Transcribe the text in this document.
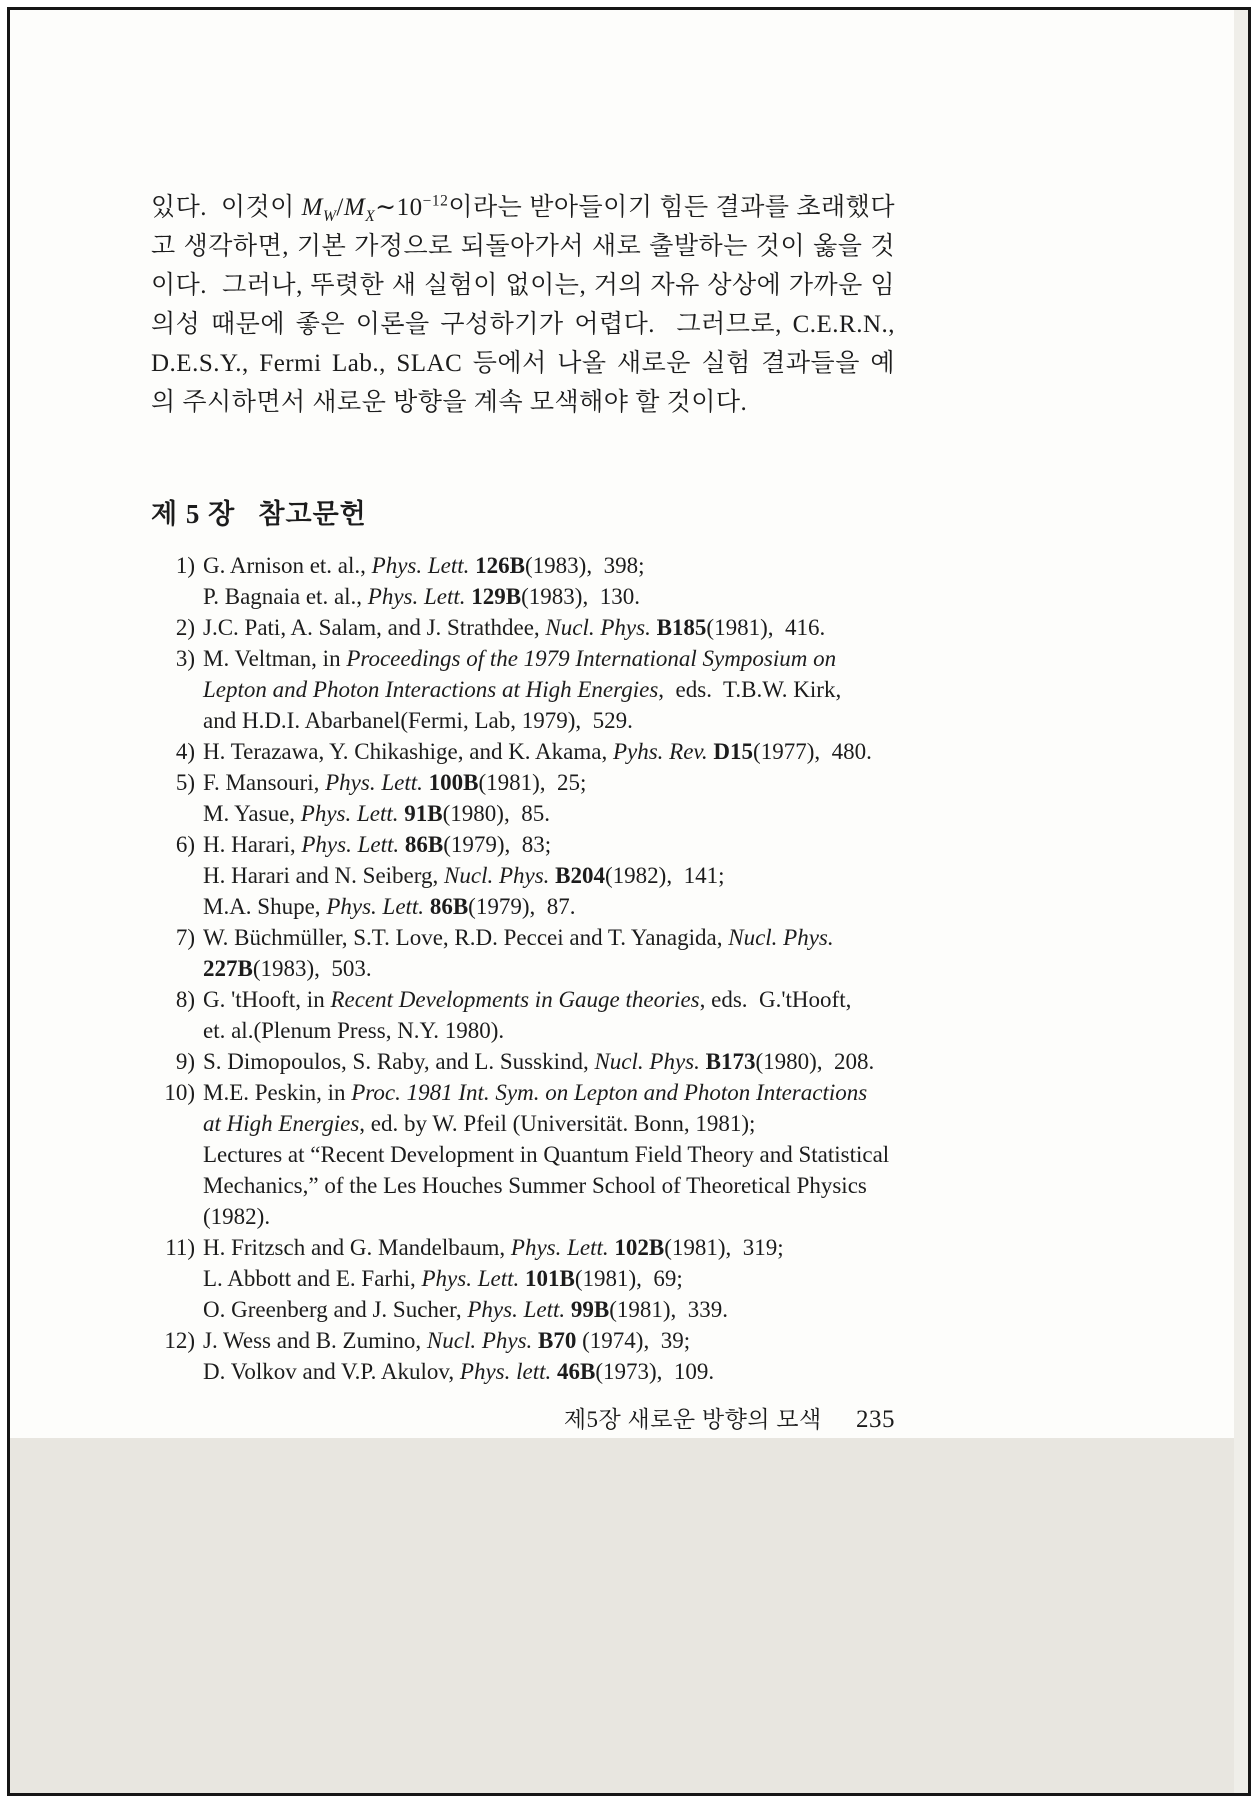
있다.  이것이 $M_W/M_X\sim 10^{-12}$이라는 받아들이기 힘든 결과를 초래했다
고 생각하면, 기본 가정으로 되돌아가서 새로 출발하는 것이 옳을 것
이다.  그러나, 뚜렷한 새 실험이 없이는, 거의 자유 상상에 가까운 임
의성 때문에 좋은 이론을 구성하기가 어렵다.  그러므로, C.E.R.N.,
D.E.S.Y., Fermi Lab., SLAC 등에서 나올 새로운 실험 결과들을 예
의 주시하면서 새로운 방향을 계속 모색해야 할 것이다.
제 5 장   참고문헌
1) G. Arnison et. al., Phys. Lett. 126B(1983),  398;
P. Bagnaia et. al., Phys. Lett. 129B(1983),  130.
2) J.C. Pati, A. Salam, and J. Strathdee, Nucl. Phys. B185(1981),  416.
3) M. Veltman, in Proceedings of the 1979 International Symposium on
Lepton and Photon Interactions at High Energies,  eds.  T.B.W. Kirk,
and H.D.I. Abarbanel(Fermi, Lab, 1979),  529.
4) H. Terazawa, Y. Chikashige, and K. Akama, Pyhs. Rev. D15(1977),  480.
5) F. Mansouri, Phys. Lett. 100B(1981),  25;
M. Yasue, Phys. Lett. 91B(1980),  85.
6) H. Harari, Phys. Lett. 86B(1979),  83;
H. Harari and N. Seiberg, Nucl. Phys. B204(1982),  141;
M.A. Shupe, Phys. Lett. 86B(1979),  87.
7) W. Büchmüller, S.T. Love, R.D. Peccei and T. Yanagida, Nucl. Phys.
227B(1983),  503.
8) G. 'tHooft, in Recent Developments in Gauge theories, eds.  G.'tHooft,
et. al.(Plenum Press, N.Y. 1980).
9) S. Dimopoulos, S. Raby, and L. Susskind, Nucl. Phys. B173(1980),  208.
10) M.E. Peskin, in Proc. 1981 Int. Sym. on Lepton and Photon Interactions
at High Energies, ed. by W. Pfeil (Universität. Bonn, 1981);
Lectures at “Recent Development in Quantum Field Theory and Statistical
Mechanics,” of the Les Houches Summer School of Theoretical Physics
(1982).
11) H. Fritzsch and G. Mandelbaum, Phys. Lett. 102B(1981),  319;
L. Abbott and E. Farhi, Phys. Lett. 101B(1981),  69;
O. Greenberg and J. Sucher, Phys. Lett. 99B(1981),  339.
12) J. Wess and B. Zumino, Nucl. Phys. B70 (1974),  39;
D. Volkov and V.P. Akulov, Phys. lett. 46B(1973),  109.
제5장 새로운 방향의 모색 235
